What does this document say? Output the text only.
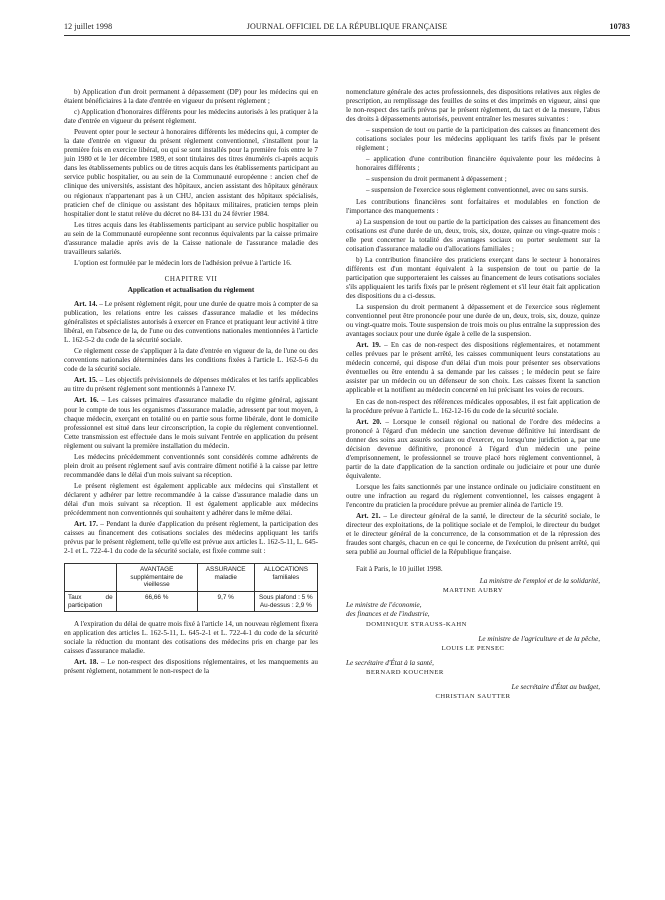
12 juillet 1998	JOURNAL OFFICIEL DE LA RÉPUBLIQUE FRANÇAISE	10783

b) Application d'un droit permanent à dépassement (DP) pour les médecins qui en étaient bénéficiaires à la date d'entrée en vigueur du présent règlement ;

c) Application d'honoraires différents pour les médecins autorisés à les pratiquer à la date d'entrée en vigueur du présent règlement.

Peuvent opter pour le secteur à honoraires différents les médecins qui, à compter de la date d'entrée en vigueur du présent règlement conventionnel, s'installent pour la première fois en exercice libéral, ou qui se sont installés pour la première fois entre le 7 juin 1980 et le 1er décembre 1989, et sont titulaires des titres énumérés ci-après acquis dans les établissements publics ou de titres acquis dans les établissements participant au service public hospitalier, ou au sein de la Communauté européenne : ancien chef de clinique des universités, assistant des hôpitaux, ancien assistant des hôpitaux généraux ou régionaux n'appartenant pas à un CHU, ancien assistant des hôpitaux spécialisés, praticien chef de clinique ou assistant des hôpitaux militaires, praticien temps plein hospitalier dont le statut relève du décret no 84-131 du 24 février 1984.

Les titres acquis dans les établissements participant au service public hospitalier ou au sein de la Communauté européenne sont reconnus équivalents par la caisse primaire d'assurance maladie après avis de la Caisse nationale de l'assurance maladie des travailleurs salariés.

L'option est formulée par le médecin lors de l'adhésion prévue à l'article 16.

CHAPITRE VII
Application et actualisation du règlement

Art. 14. – Le présent règlement régit, pour une durée de quatre mois à compter de sa publication, les relations entre les caisses d'assurance maladie et les médecins généralistes et spécialistes autorisés à exercer en France et pratiquant leur activité à titre libéral, en l'absence de la, de l'une ou des conventions nationales mentionnées à l'article L. 162-5-2 du code de la sécurité sociale.

Ce règlement cesse de s'appliquer à la date d'entrée en vigueur de la, de l'une ou des conventions nationales déterminées dans les conditions fixées à l'article L. 162-5-6 du code de la sécurité sociale.

Art. 15. – Les objectifs prévisionnels de dépenses médicales et les tarifs applicables au titre du présent règlement sont mentionnés à l'annexe IV.

Art. 16. – Les caisses primaires d'assurance maladie du régime général, agissant pour le compte de tous les organismes d'assurance maladie, adressent par tout moyen, à chaque médecin, exerçant en totalité ou en partie sous forme libérale, dont le domicile professionnel est situé dans leur circonscription, la copie du règlement conventionnel. Cette transmission est effectuée dans le mois suivant l'entrée en application du présent règlement ou suivant la première installation du médecin.

Les médecins précédemment conventionnés sont considérés comme adhérents de plein droit au présent règlement sauf avis contraire dûment notifié à la caisse par lettre recommandée dans le délai d'un mois suivant sa réception.

Le présent règlement est également applicable aux médecins qui s'installent et déclarent y adhérer par lettre recommandée à la caisse d'assurance maladie dans un délai d'un mois suivant sa réception. Il est également applicable aux médecins précédemment non conventionnés qui souhaitent y adhérer dans le même délai.

Art. 17. – Pendant la durée d'application du présent règlement, la participation des caisses au financement des cotisations sociales des médecins appliquant les tarifs prévus par le présent règlement, telle qu'elle est prévue aux articles L. 162-5-11, L. 645-2-1 et L. 722-4-1 du code de la sécurité sociale, est fixée comme suit :

	AVANTAGE supplémentaire de vieillesse	ASSURANCE maladie	ALLOCATIONS familiales
Taux de participation	66,66 %	9,7 %	Sous plafond : 5 %
Au-dessus : 2,9 %

A l'expiration du délai de quatre mois fixé à l'article 14, un nouveau règlement fixera en application des articles L. 162-5-11, L. 645-2-1 et L. 722-4-1 du code de la sécurité sociale la réduction du montant des cotisations des médecins pris en charge par les caisses d'assurance maladie.

Art. 18. – Le non-respect des dispositions réglementaires, et les manquements au présent règlement, notamment le non-respect de la

nomenclature générale des actes professionnels, des dispositions relatives aux règles de prescription, au remplissage des feuilles de soins et des imprimés en vigueur, ainsi que le non-respect des tarifs prévus par le présent règlement, du tact et de la mesure, l'abus des droits à dépassements autorisés, peuvent entraîner les mesures suivantes :

– suspension de tout ou partie de la participation des caisses au financement des cotisations sociales pour les médecins appliquant les tarifs fixés par le présent règlement ;

– application d'une contribution financière équivalente pour les médecins à honoraires différents ;

– suspension du droit permanent à dépassement ;

– suspension de l'exercice sous règlement conventionnel, avec ou sans sursis.

Les contributions financières sont forfaitaires et modulables en fonction de l'importance des manquements :

a) La suspension de tout ou partie de la participation des caisses au financement des cotisations est d'une durée de un, deux, trois, six, douze, quinze ou vingt-quatre mois : elle peut concerner la totalité des avantages sociaux ou porter seulement sur la cotisation d'assurance maladie ou d'allocations familiales ;

b) La contribution financière des praticiens exerçant dans le secteur à honoraires différents est d'un montant équivalent à la suspension de tout ou partie de la participation que supporteraient les caisses au financement de leurs cotisations sociales s'ils appliquaient les tarifs fixés par le présent règlement et s'il leur était fait application des dispositions du a ci-dessus.

La suspension du droit permanent à dépassement et de l'exercice sous règlement conventionnel peut être prononcée pour une durée de un, deux, trois, six, douze, quinze ou vingt-quatre mois. Toute suspension de trois mois ou plus entraîne la suppression des avantages sociaux pour une durée égale à celle de la suspension.

Art. 19. – En cas de non-respect des dispositions réglementaires, et notamment celles prévues par le présent arrêté, les caisses communiquent leurs constatations au médecin concerné, qui dispose d'un délai d'un mois pour présenter ses observations éventuelles ou être entendu à sa demande par les caisses ; le médecin peut se faire assister par un médecin ou un défenseur de son choix. Les caisses fixent la sanction applicable et la notifient au médecin concerné en lui précisant les voies de recours.

En cas de non-respect des références médicales opposables, il est fait application de la procédure prévue à l'article L. 162-12-16 du code de la sécurité sociale.

Art. 20. – Lorsque le conseil régional ou national de l'ordre des médecins a prononcé à l'égard d'un médecin une sanction devenue définitive lui interdisant de donner des soins aux assurés sociaux ou d'exercer, ou lorsqu'une juridiction a, par une décision devenue définitive, prononcé à l'égard d'un médecin une peine d'emprisonnement, le professionnel se trouve placé hors règlement conventionnel, à partir de la date d'application de la sanction ordinale ou judiciaire et pour une durée équivalente.

Lorsque les faits sanctionnés par une instance ordinale ou judiciaire constituent en outre une infraction au regard du règlement conventionnel, les caisses engagent à l'encontre du praticien la procédure prévue au premier alinéa de l'article 19.

Art. 21. – Le directeur général de la santé, le directeur de la sécurité sociale, le directeur des exploitations, de la politique sociale et de l'emploi, le directeur du budget et le directeur général de la concurrence, de la consommation et de la répression des fraudes sont chargés, chacun en ce qui le concerne, de l'exécution du présent arrêté, qui sera publié au Journal officiel de la République française.

Fait à Paris, le 10 juillet 1998.

La ministre de l'emploi et de la solidarité,
MARTINE AUBRY
Le ministre de l'économie,
des finances et de l'industrie,
DOMINIQUE STRAUSS-KAHN
Le ministre de l'agriculture et de la pêche,
LOUIS LE PENSEC
Le secrétaire d'État à la santé,
BERNARD KOUCHNER
Le secrétaire d'État au budget,
CHRISTIAN SAUTTER
